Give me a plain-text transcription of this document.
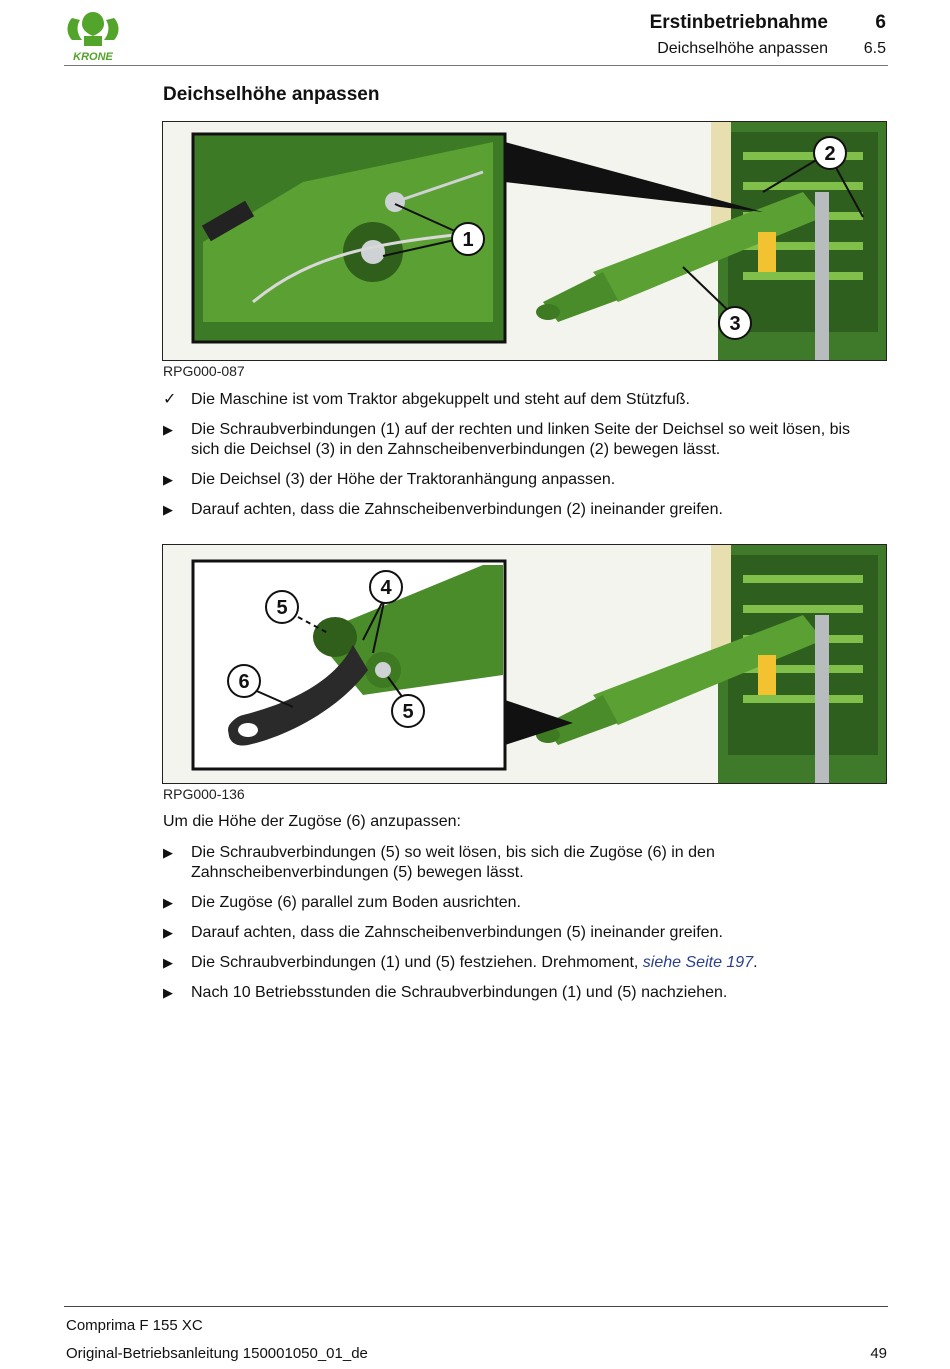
KRONE
Erstinbetriebnahme	6
Deichselhöhe anpassen	6.5
Deichselhöhe anpassen
1
2
3
RPG000-087
✓ Die Maschine ist vom Traktor abgekuppelt und steht auf dem Stützfuß.
▶	Die Schraubverbindungen (1) auf der rechten und linken Seite der Deichsel so weit lösen, bis sich die Deichsel (3) in den Zahnscheibenverbindungen (2) bewegen lässt.
▶	Die Deichsel (3) der Höhe der Traktoranhängung anpassen.
▶	Darauf achten, dass die Zahnscheibenverbindungen (2) ineinander greifen.
4
5
5
6
RPG000-136
Um die Höhe der Zugöse (6) anzupassen:
▶	Die Schraubverbindungen (5) so weit lösen, bis sich die Zugöse (6) in den Zahnscheibenverbindungen (5) bewegen lässt.
▶	Die Zugöse (6) parallel zum Boden ausrichten.
▶	Darauf achten, dass die Zahnscheibenverbindungen (5) ineinander greifen.
▶	Die Schraubverbindungen (1) und (5) festziehen. Drehmoment, siehe Seite 197.
▶	Nach 10 Betriebsstunden die Schraubverbindungen (1) und (5) nachziehen.
Comprima F 155 XC
Original-Betriebsanleitung 150001050_01_de	49
